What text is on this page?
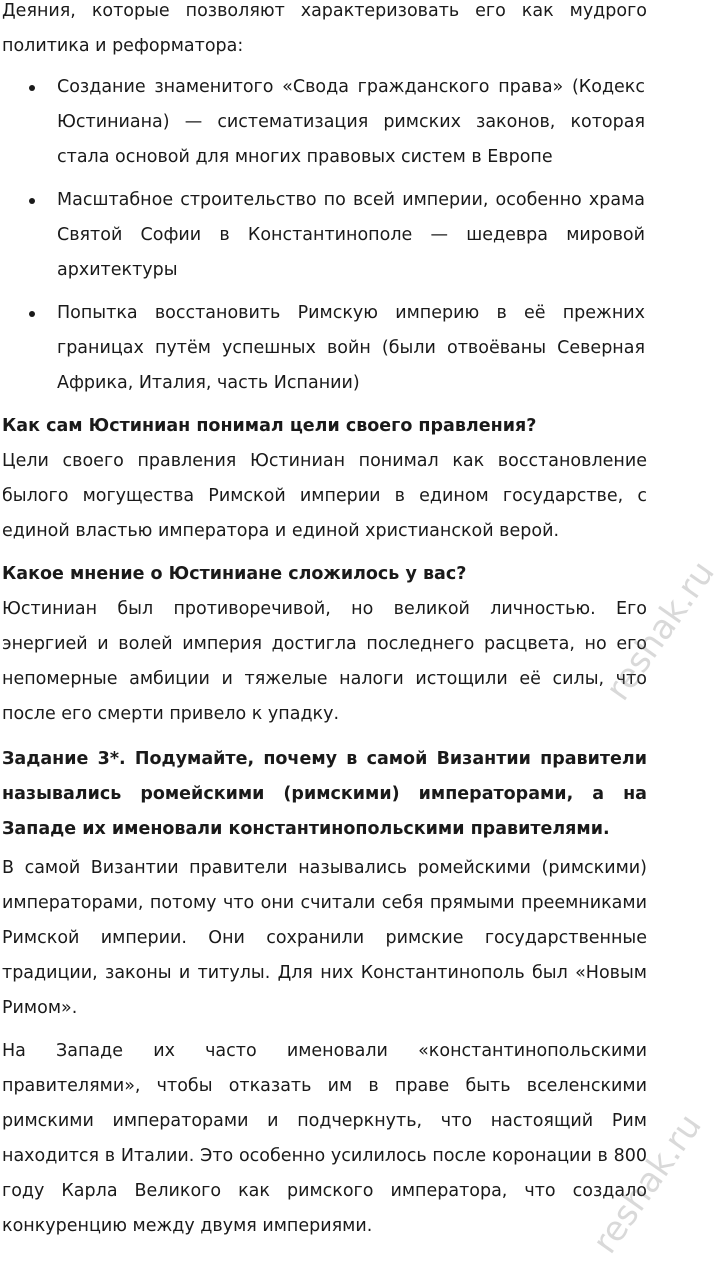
Деяния, которые позволяют характеризовать его как мудрого политика и реформатора:

Создание знаменитого «Свода гражданского права» (Кодекс Юстиниана) — систематизация римских законов, которая стала основой для многих правовых систем в Европе
Масштабное строительство по всей империи, особенно храма Святой Софии в Константинополе — шедевра мировой архитектуры
Попытка восстановить Римскую империю в её прежних границах путём успешных войн (были отвоёваны Северная Африка, Италия, часть Испании)
Как сам Юстиниан понимал цели своего правления?

Цели своего правления Юстиниан понимал как восстановление былого могущества Римской империи в едином государстве, с единой властью императора и единой христианской верой.

Какое мнение о Юстиниане сложилось у вас?

Юстиниан был противоречивой, но великой личностью. Его энергией и волей империя достигла последнего расцвета, но его непомерные амбиции и тяжелые налоги истощили её силы, что после его смерти привело к упадку.

Задание 3*. Подумайте, почему в самой Византии правители назывались ромейскими (римскими) императорами, а на Западе их именовали константинопольскими правителями.

В самой Византии правители назывались ромейскими (римскими) императорами, потому что они считали себя прямыми преемниками Римской империи. Они сохранили римские государственные традиции, законы и титулы. Для них Константинополь был «Новым Римом».

На Западе их часто именовали «константинопольскими правителями», чтобы отказать им в праве быть вселенскими римскими императорами и подчеркнуть, что настоящий Рим находится в Италии. Это особенно усилилось после коронации в 800 году Карла Великого как римского императора, что создало конкуренцию между двумя империями.

reshak.ru
reshak.ru
